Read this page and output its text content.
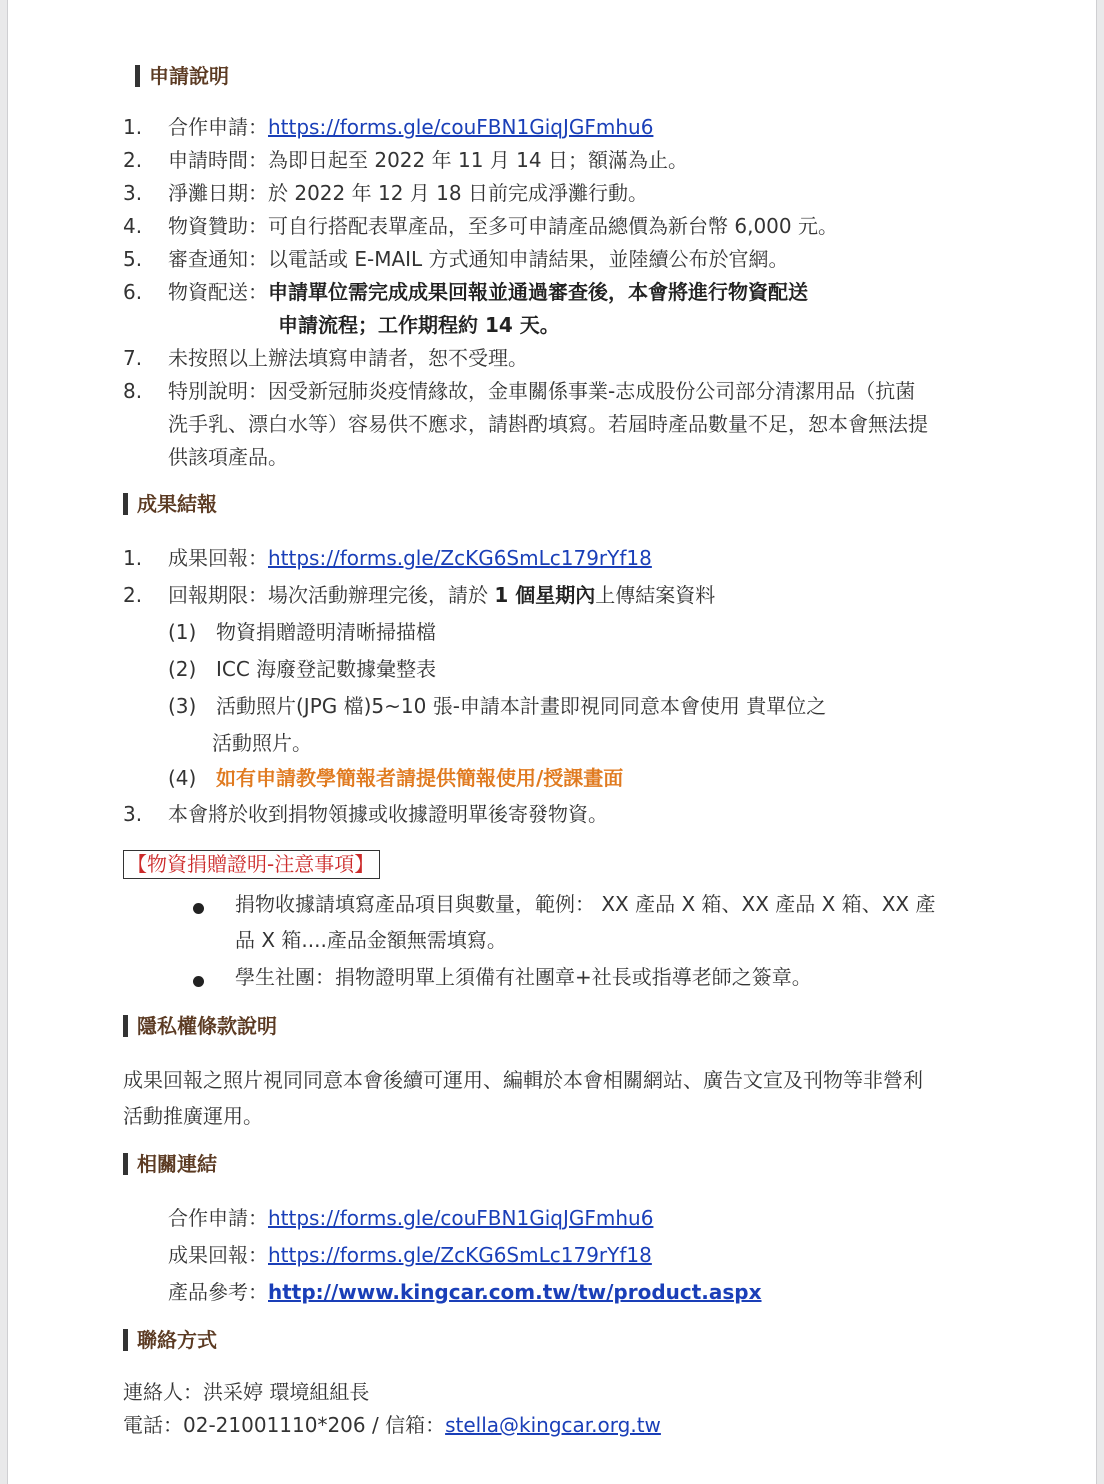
申請說明
1.	合作申請：https://forms.gle/couFBN1GiqJGFmhu6
2. 申請時間：為即日起至 2022 年 11 月 14 日；額滿為止。
3. 淨灘日期：於 2022 年 12 月 18 日前完成淨灘行動。
4. 物資贊助：可自行搭配表單產品，至多可申請產品總價為新台幣 6,000 元。
5. 審查通知：以電話或 E-MAIL 方式通知申請結果，並陸續公布於官網。
6. 物資配送：申請單位需完成成果回報並通過審查後，本會將進行物資配送
申請流程；工作期程約 14 天。
7. 未按照以上辦法填寫申請者，恕不受理。
8. 特別說明：因受新冠肺炎疫情緣故，金車關係事業-志成股份公司部分清潔用品（抗菌
洗手乳、漂白水等）容易供不應求，請斟酌填寫。若屆時產品數量不足，恕本會無法提
供該項產品。
成果結報
1. 成果回報：https://forms.gle/ZcKG6SmLc179rYf18
2. 回報期限：場次活動辦理完後，請於 1 個星期內上傳結案資料
(1) 物資捐贈證明清晰掃描檔
(2) ICC 海廢登記數據彙整表
(3) 活動照片(JPG 檔)5~10 張-申請本計畫即視同同意本會使用 貴單位之
活動照片。
(4) 如有申請教學簡報者請提供簡報使用/授課畫面
3. 本會將於收到捐物領據或收據證明單後寄發物資。
【物資捐贈證明-注意事項】
捐物收據請填寫產品項目與數量，範例： XX 產品 X 箱、XX 產品 X 箱、XX 產
品 X 箱....產品金額無需填寫。
學生社團：捐物證明單上須備有社團章+社長或指導老師之簽章。
隱私權條款說明
成果回報之照片視同同意本會後續可運用、編輯於本會相關網站、廣告文宣及刊物等非營利
活動推廣運用。
相關連結
合作申請：https://forms.gle/couFBN1GiqJGFmhu6
成果回報：https://forms.gle/ZcKG6SmLc179rYf18
產品參考：http://www.kingcar.com.tw/tw/product.aspx
聯絡方式
連絡人：洪采婷 環境組組長
電話：02-21001110*206 / 信箱：stella@kingcar.org.tw
